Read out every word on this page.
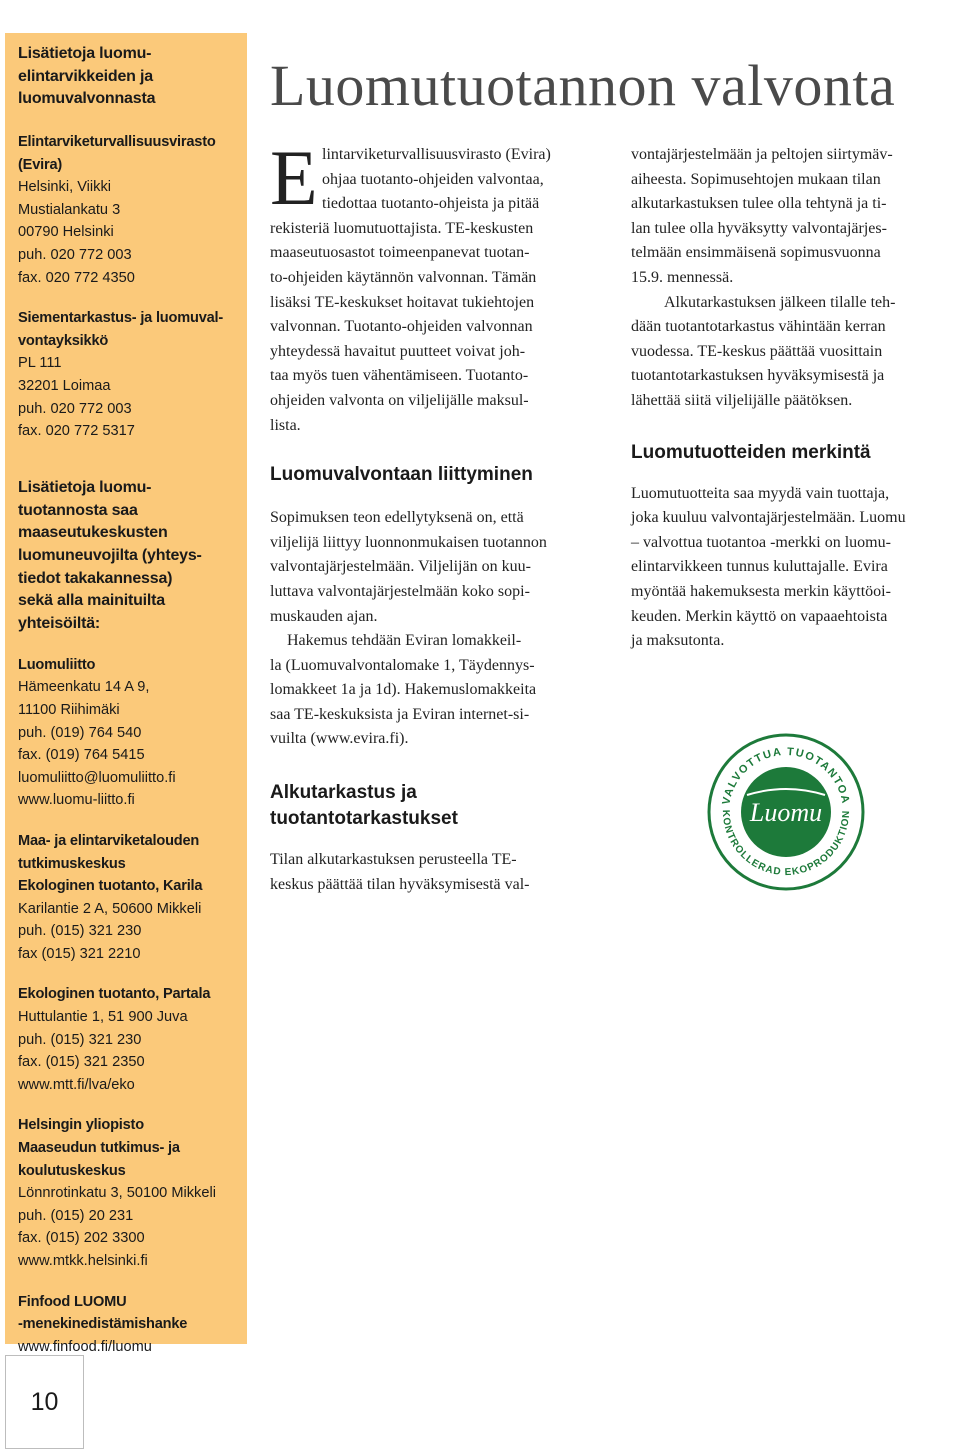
Lisätietoja luomu-
elintarvikkeiden ja
luomuvalvonnasta
Elintarviketurvallisuusvirasto
(Evira)
Helsinki, Viikki
Mustialankatu 3
00790 Helsinki
puh. 020 772 003
fax. 020 772 4350
Siementarkastus- ja luomuval-
vontayksikkö
PL 111
32201 Loimaa
puh. 020 772 003
fax. 020 772 5317
Lisätietoja luomu-
tuotannosta saa
maaseutukeskusten
luomuneuvojilta (yhteys-
tiedot takakannessa)
sekä alla mainituilta
yhteisöiltä:
Luomuliitto
Hämeenkatu 14 A 9,
11100 Riihimäki
puh. (019) 764 540
fax. (019) 764 5415
luomuliitto@luomuliitto.fi
www.luomu-liitto.fi
Maa- ja elintarviketalouden
tutkimuskeskus
Ekologinen tuotanto, Karila
Karilantie 2 A, 50600 Mikkeli
puh. (015) 321 230
fax (015) 321 2210
Ekologinen tuotanto, Partala
Huttulantie 1, 51 900 Juva
puh. (015) 321 230
fax. (015) 321 2350
www.mtt.fi/lva/eko
Helsingin yliopisto
Maaseudun tutkimus- ja
koulutuskeskus
Lönnrotinkatu 3, 50100 Mikkeli
puh. (015) 20 231
fax. (015) 202 3300
www.mtkk.helsinki.fi
Finfood LUOMU
-menekinedistämishanke
www.finfood.fi/luomu
10
Luomutuotannon valvonta
E lintarviketurvallisuusvirasto (Evira)
ohjaa tuotanto-ohjeiden valvontaa,
tiedottaa tuotanto-ohjeista ja pitää
rekisteriä luomutuottajista. TE-keskusten
maaseutuosastot toimeenpanevat tuotan-
to-ohjeiden käytännön valvonnan. Tämän
lisäksi TE-keskukset hoitavat tukiehtojen
valvonnan. Tuotanto-ohjeiden valvonnan
yhteydessä havaitut puutteet voivat joh-
taa myös tuen vähentämiseen. Tuotanto-
ohjeiden valvonta on viljelijälle maksul-
lista.
Luomuvalvontaan liittyminen
Sopimuksen teon edellytyksenä on, että
viljelijä liittyy luonnonmukaisen tuotannon
valvontajärjestelmään. Viljelijän on kuu-
luttava valvontajärjestelmään koko sopi-
muskauden ajan.
Hakemus tehdään Eviran lomakkeil-
la (Luomuvalvontalomake 1, Täydennys-
lomakkeet 1a ja 1d). Hakemuslomakkeita
saa TE-keskuksista ja Eviran internet-si-
vuilta (www.evira.fi).
Alkutarkastus ja
tuotantotarkastukset
Tilan alkutarkastuksen perusteella TE-
keskus päättää tilan hyväksymisestä val-
vontajärjestelmään ja peltojen siirtymäv-
aiheesta. Sopimusehtojen mukaan tilan
alkutarkastuksen tulee olla tehtynä ja ti-
lan tulee olla hyväksytty valvontajärjes-
telmään ensimmäisenä sopimusvuonna
15.9. mennessä.
Alkutarkastuksen jälkeen tilalle teh-
dään tuotantotarkastus vähintään kerran
vuodessa. TE-keskus päättää vuosittain
tuotantotarkastuksen hyväksymisestä ja
lähettää siitä viljelijälle päätöksen.
Luomutuotteiden merkintä
Luomutuotteita saa myydä vain tuottaja,
joka kuuluu valvontajärjestelmään. Luomu
– valvottua tuotantoa -merkki on luomu-
elintarvikkeen tunnus kuluttajalle. Evira
myöntää hakemuksesta merkin käyttöoi-
keuden. Merkin käyttö on vapaaehtoista
ja maksutonta.
VALVOTTUA TUOTANTOA
KONTROLLERAD EKOPRODUKTION
Luomu
